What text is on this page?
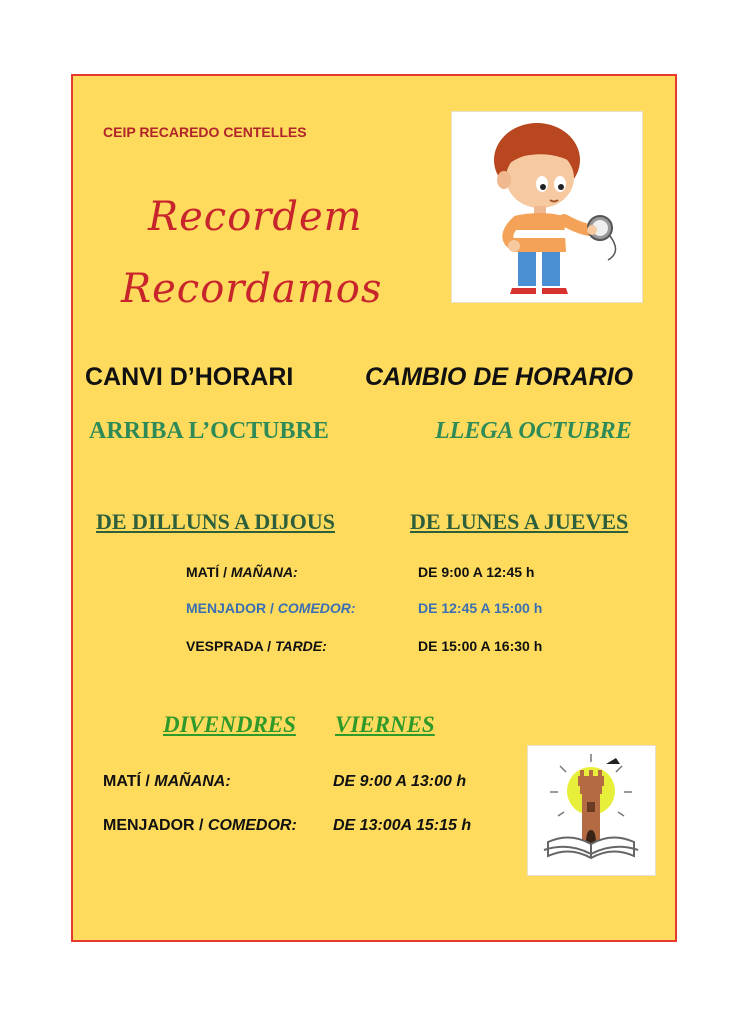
CEIP RECAREDO CENTELLES
Recordem
Recordamos
CANVI D’HORARI	CAMBIO DE HORARIO
ARRIBA L’OCTUBRE	LLEGA OCTUBRE
DE DILLUNS A DIJOUS	DE LUNES A JUEVES
MATÍ / MAÑANA:	DE 9:00 A 12:45 h
MENJADOR / COMEDOR:	DE 12:45 A 15:00 h
VESPRADA / TARDE:	DE 15:00 A 16:30 h
DIVENDRES VIERNES
MATÍ / MAÑANA:	DE 9:00 A 13:00 h
MENJADOR / COMEDOR: DE 13:00A 15:15 h
